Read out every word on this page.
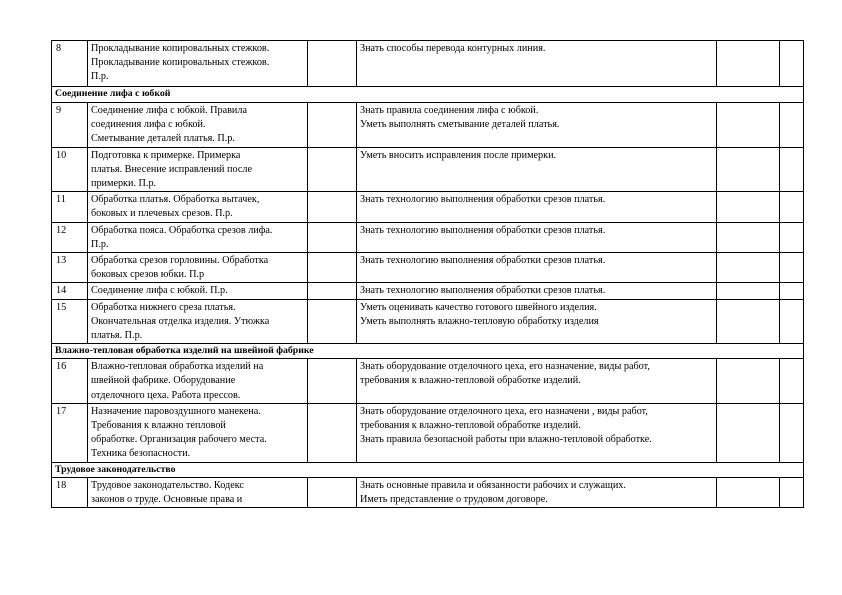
8	Прокладывание копировальных стежков.
Прокладывание копировальных стежков.
П.р.		Знать способы перевода контурных линия.		
Соединение лифа с юбкой					
9	Соединение лифа с юбкой. Правила
соединения лифа с юбкой.
Сметывание деталей платья. П.р.		Знать правила соединения лифа с юбкой.
Уметь выполнять сметывание деталей платья.		
10	Подготовка к примерке. Примерка
платья. Внесение исправлений после
примерки. П.р.		Уметь вносить исправления после примерки.		
11	Обработка платья. Обработка вытачек,
боковых и плечевых срезов. П.р.		Знать технологию выполнения обработки срезов платья.		
12	Обработка пояса. Обработка срезов лифа.
П.р.		Знать технологию выполнения обработки срезов платья.		
13	Обработка срезов горловины. Обработка
боковых срезов юбки. П.р		Знать технологию выполнения обработки срезов платья.		
14	Соединение лифа с юбкой. П.р.		Знать технологию выполнения обработки срезов платья.		
15	Обработка нижнего среза платья.
Окончательная отделка изделия. Утюжка
платья. П.р.		Уметь оценивать качество готового швейного изделия.
Уметь выполнять влажно-тепловую обработку изделия		
Влажно-тепловая обработка изделий на швейной фабрике					
16	Влажно-тепловая обработка изделий на
швейной фабрике. Оборудование
отделочного цеха. Работа прессов.		Знать оборудование отделочного цеха, его назначение, виды работ,
требования к влажно-тепловой обработке изделий.		
17	Назначение паровоздушного манекена.
Требования к влажно тепловой
обработке. Организация рабочего места.
Техника безопасности.		Знать оборудование отделочного цеха, его назначени , виды работ,
требования к влажно-тепловой обработке изделий.
Знать правила безопасной работы при влажно-тепловой обработке.		
Трудовое законодательство					
18	Трудовое законодательство. Кодекс
законов о труде. Основные права и		Знать основные правила и обязанности рабочих и служащих.
Иметь представление о трудовом договоре.		
